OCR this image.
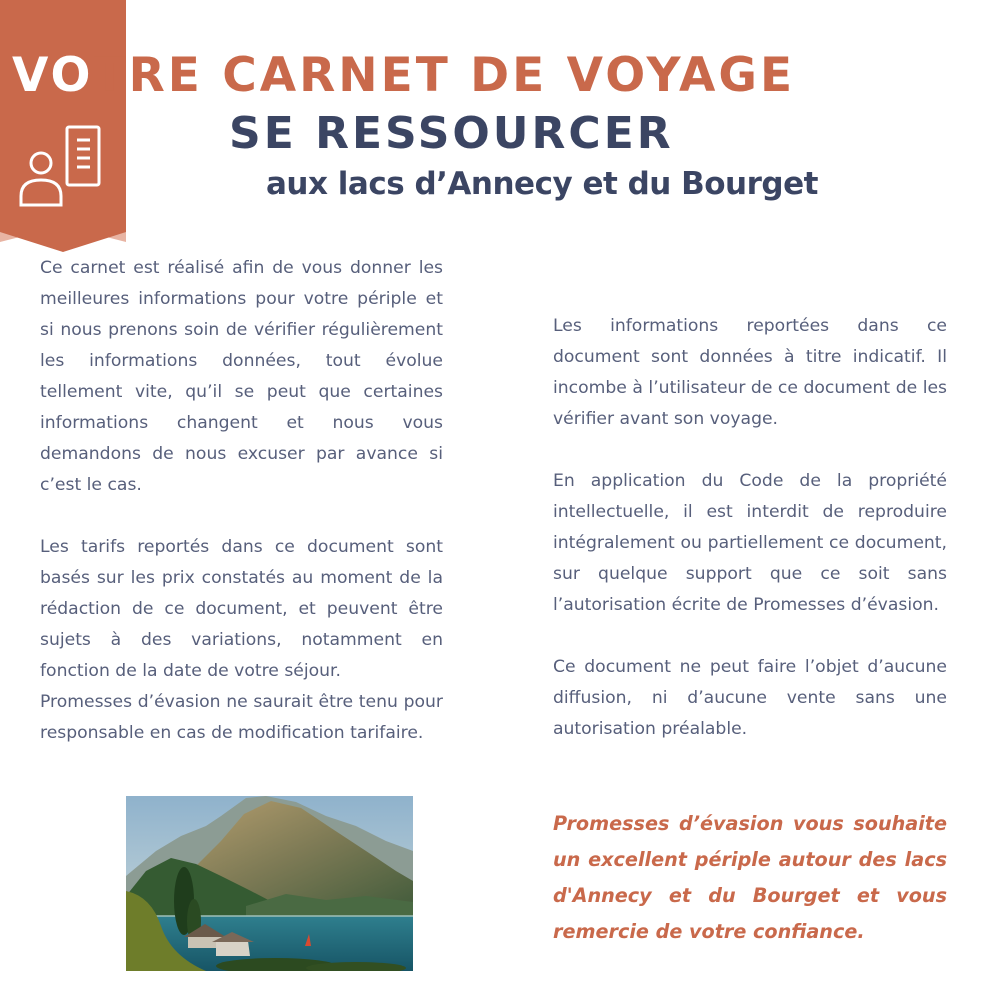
VOTRE CARNET DE VOYAGE
SE RESSOURCER
aux lacs d’Annecy et du Bourget

Ce carnet est réalisé afin de vous donner les meilleures informations pour votre périple et si nous prenons soin de vérifier régulièrement les informations données, tout évolue tellement vite, qu’il se peut que certaines informations changent et nous vous demandons de nous excuser par avance si c’est le cas.

Les tarifs reportés dans ce document sont basés sur les prix constatés au moment de la rédaction de ce document, et peuvent être sujets à des variations, notamment en fonction de la date de votre séjour.

Promesses d’évasion ne saurait être tenu pour responsable en cas de modification tarifaire.

Les informations reportées dans ce document sont données à titre indicatif. Il incombe à l’utilisateur de ce document de les vérifier avant son voyage.

En application du Code de la propriété intellectuelle, il est interdit de reproduire intégralement ou partiellement ce document, sur quelque support que ce soit sans l’autorisation écrite de Promesses d’évasion.

Ce document ne peut faire l’objet d’aucune diffusion, ni d’aucune vente sans une autorisation préalable.

Promesses d’évasion vous souhaite un excellent périple autour des lacs d'Annecy et du Bourget et vous remercie de votre confiance.
